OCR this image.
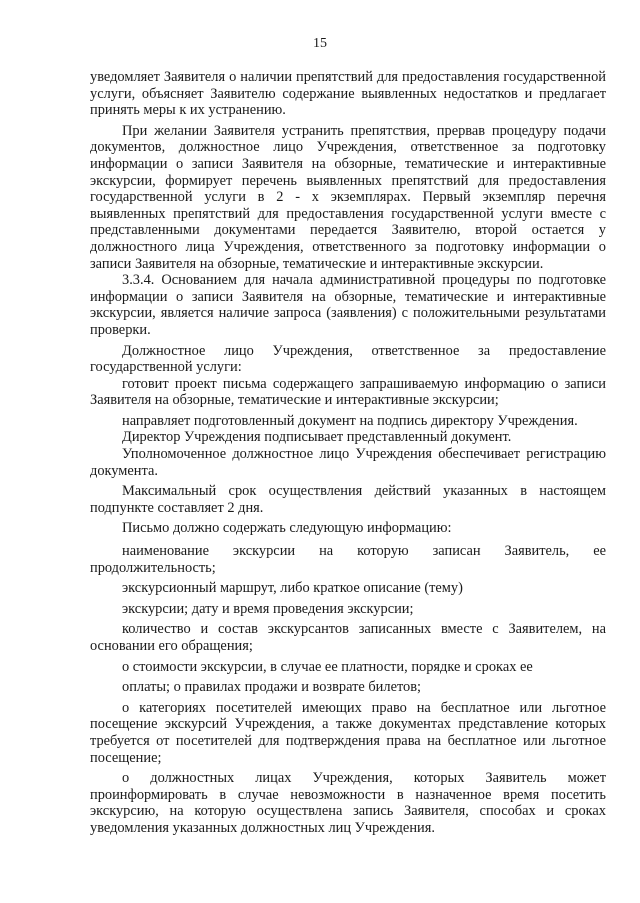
15

уведомляет Заявителя о наличии препятствий для предоставления государственной услуги, объясняет Заявителю содержание выявленных недостатков и предлагает принять меры к их устранению.

При желании Заявителя устранить препятствия, прервав процедуру подачи документов, должностное лицо Учреждения, ответственное за подготовку информации о записи Заявителя на обзорные, тематические и интерактивные экскурсии, формирует перечень выявленных препятствий для предоставления государственной услуги в 2 - х экземплярах. Первый экземпляр перечня выявленных препятствий для предоставления государственной услуги вместе с представленными документами передается Заявителю, второй остается у должностного лица Учреждения, ответственного за подготовку информации о записи Заявителя на обзорные, тематические и интерактивные экскурсии.

3.3.4. Основанием для начала административной процедуры по подготовке информации о записи Заявителя на обзорные, тематические и интерактивные экскурсии, является наличие запроса (заявления) с положительными результатами проверки.

Должностное лицо Учреждения, ответственное за предоставление государственной услуги:

готовит проект письма содержащего запрашиваемую информацию о записи Заявителя на обзорные, тематические и интерактивные экскурсии;

направляет подготовленный документ на подпись директору Учреждения.

Директор Учреждения подписывает представленный документ.

Уполномоченное должностное лицо Учреждения обеспечивает регистрацию документа.

Максимальный срок осуществления действий указанных в настоящем подпункте составляет 2 дня.

Письмо должно содержать следующую информацию:

наименование экскурсии на которую записан Заявитель, ее продолжительность;

экскурсионный маршрут, либо краткое описание (тему)

экскурсии; дату и время проведения экскурсии;

количество и состав экскурсантов записанных вместе с Заявителем, на основании его обращения;

о стоимости экскурсии, в случае ее платности, порядке и сроках ее

оплаты; о правилах продажи и возврате билетов;

о категориях посетителей имеющих право на бесплатное или льготное посещение экскурсий Учреждения, а также документах представление которых требуется от посетителей для подтверждения права на бесплатное или льготное посещение;

о должностных лицах Учреждения, которых Заявитель может проинформировать в случае невозможности в назначенное время посетить экскурсию, на которую осуществлена запись Заявителя, способах и сроках уведомления указанных должностных лиц Учреждения.
